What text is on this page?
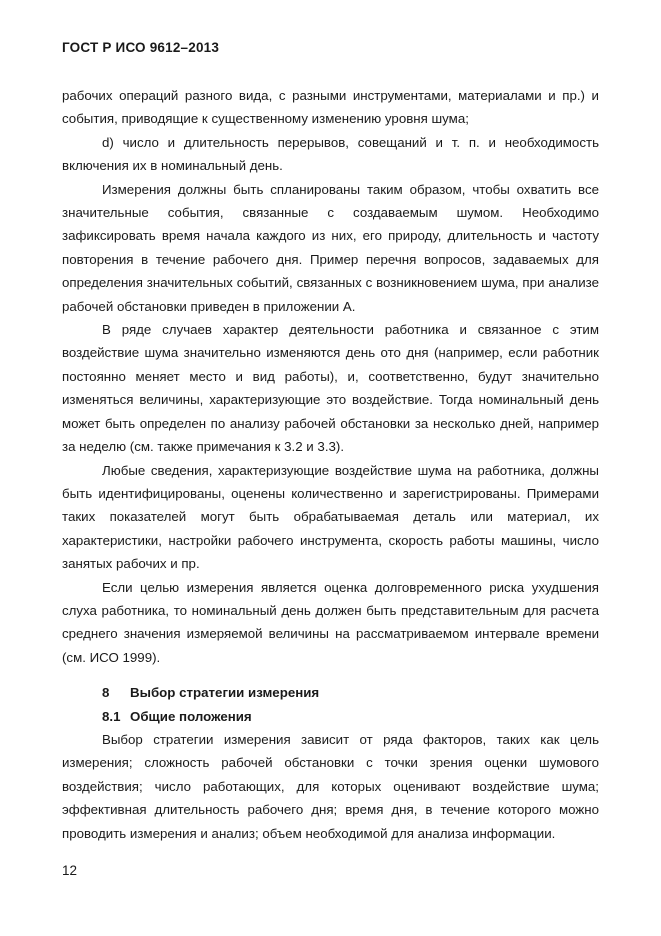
ГОСТ Р ИСО 9612–2013

рабочих операций разного вида, с разными инструментами, материалами и пр.) и события, приводящие к существенному изменению уровня шума;

d) число и длительность перерывов, совещаний и т. п. и необходимость включения их в номинальный день.

Измерения должны быть спланированы таким образом, чтобы охватить все значительные события, связанные с создаваемым шумом. Необходимо зафиксировать время начала каждого из них, его природу, длительность и частоту повторения в течение рабочего дня. Пример перечня вопросов, задаваемых для определения значительных событий, связанных с возникновением шума, при анализе рабочей обстановки приведен в приложении А.

В ряде случаев характер деятельности работника и связанное с этим воздействие шума значительно изменяются день ото дня (например, если работник постоянно меняет место и вид работы), и, соответственно, будут значительно изменяться величины, характеризующие это воздействие. Тогда номинальный день может быть определен по анализу рабочей обстановки за несколько дней, например за неделю (см. также примечания к 3.2 и 3.3).

Любые сведения, характеризующие воздействие шума на работника, должны быть идентифицированы, оценены количественно и зарегистрированы. Примерами таких показателей могут быть обрабатываемая деталь или материал, их характеристики, настройки рабочего инструмента, скорость работы машины, число занятых рабочих и пр.

Если целью измерения является оценка долговременного риска ухудшения слуха работника, то номинальный день должен быть представительным для расчета среднего значения измеряемой величины на рассматриваемом интервале времени (см. ИСО 1999).

8 Выбор стратегии измерения

8.1 Общие положения

Выбор стратегии измерения зависит от ряда факторов, таких как цель измерения; сложность рабочей обстановки с точки зрения оценки шумового воздействия; число работающих, для которых оценивают воздействие шума; эффективная длительность рабочего дня; время дня, в течение которого можно проводить измерения и анализ; объем необходимой для анализа информации.

12
